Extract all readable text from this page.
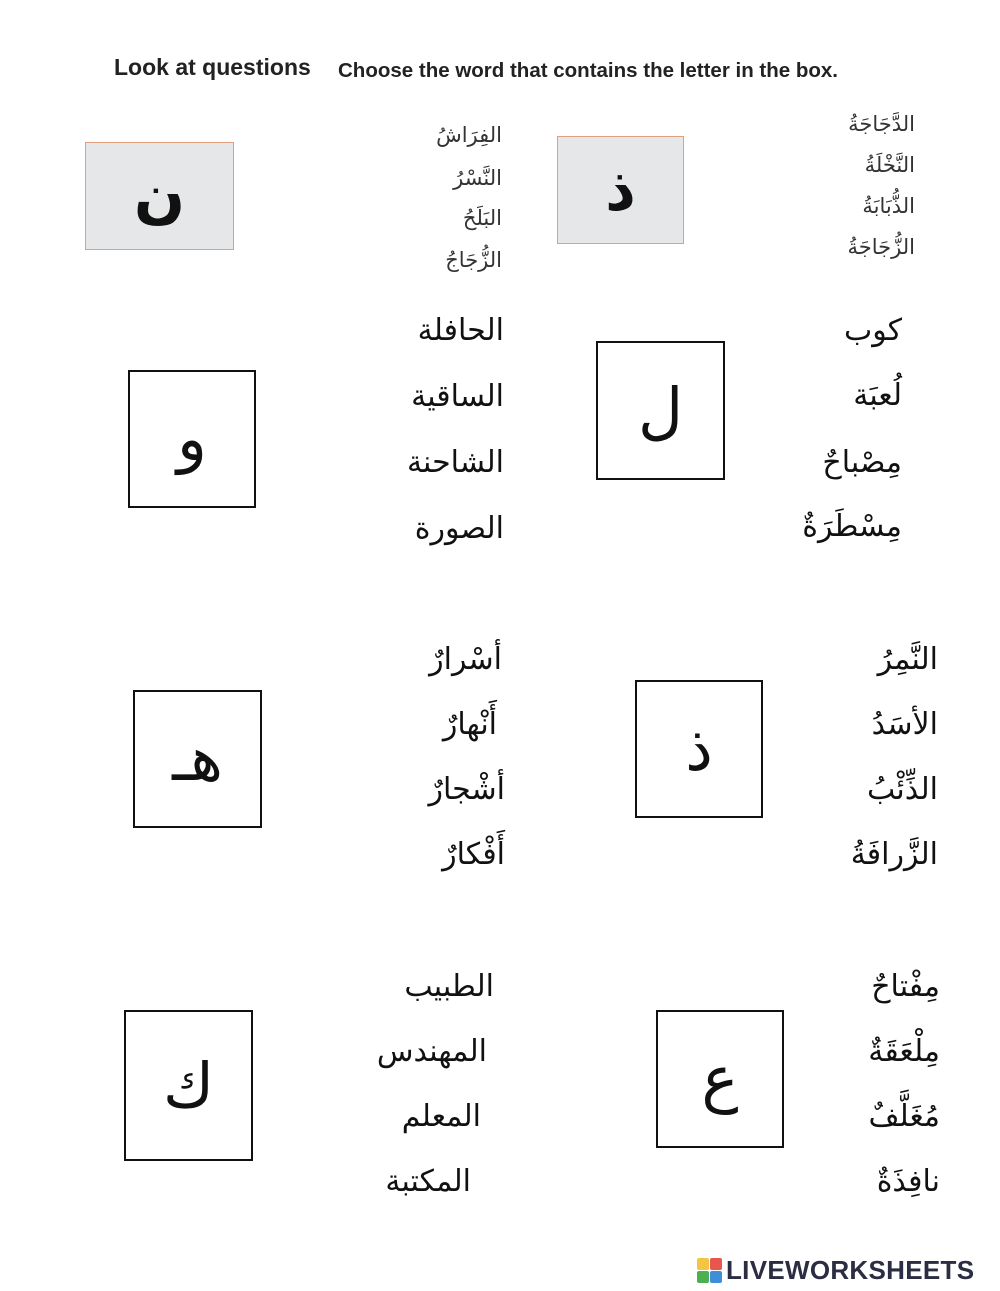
Look at questions Choose the word that contains the letter in the box.
ن
الفِرَاشُ
النَّسْرُ
البَلَحُ
الزُّجَاجُ
ذ
الدَّجَاجَةُ
النَّخْلَةُ
الذُّبَابَةُ
الزُّجَاجَةُ
و
الحافلة
الساقية
الشاحنة
الصورة
ل
كوب
لُعبَة
مِصْباحٌ
مِسْطَرَةٌ
هـ
أسْرارٌ
أَنْهارٌ
أشْجارٌ
أَفْكارٌ
ذ
النَّمِرُ
الأسَدُ
الذِّئْبُ
الزَّرافَةُ
ك
الطبيب
المهندس
المعلم
المكتبة
ع
مِفْتاحٌ
مِلْعَقَةٌ
مُغَلَّفٌ
نافِذَةٌ
LIVEWORKSHEETS
